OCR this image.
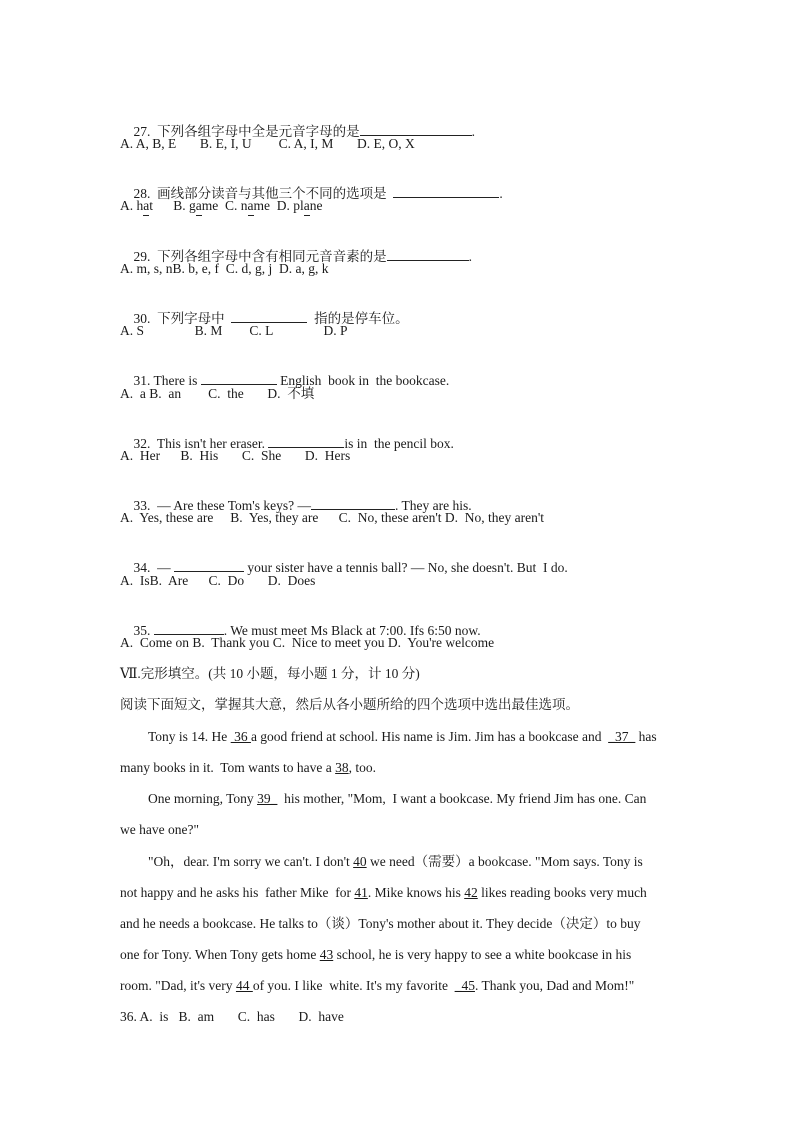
27.  下列各组字母中全是元音字母的是	.

A. A, B, E       B. E, I, U        C. A, I, M       D. E, O, X

28.  画线部分读音与其他三个不同的选项是	.

A. hat      B. game  C. name  D. plane

29.  下列各组字母中含有相同元音音素的是	.

A. m, s, nB. b, e, f  C. d, g, j  D. a, g, k

30.  下列字母中	指的是停车位。

A. S               B. M        C. L               D. P

31. There is	English  book in  the bookcase.

A.  a B.  an        C.  the       D.  不填

32.  This isn't her eraser.	is in  the pencil box.

A.  Her      B.  His       C.  She       D.  Hers

33.  — Are these Tom's keys? —	. They are his.

A.  Yes, these are     B.  Yes, they are      C.  No, these aren't D.  No, they aren't

34.  —	your sister have a tennis ball? — No, she doesn't. But  I do.

A.  IsB.  Are      C.  Do       D.  Does

35.	. We must meet Ms Black at 7:00. Ifs 6:50 now.

A.  Come on B.  Thank you C.  Nice to meet you D.  You're welcome
Ⅶ.完形填空。(共 10 小题，每小题 1 分，计 10 分)
阅读下面短文，掌握其大意，然后从各小题所给的四个选项中选出最佳选项。
Tony is 14. He  36 a good friend at school. His name is Jim. Jim has a bookcase and  _37_ has
many books in it.  Tom wants to have a 38, too.
One morning, Tony 39_  his mother, "Mom,  I want a bookcase. My friend Jim has one. Can
we have one?"
"Oh，dear. I'm sorry we can't. I don't 40 we need（需要）a bookcase. "Mom says. Tony is
not happy and he asks his  father Mike  for 41. Mike knows his 42 likes reading books very much
and he needs a bookcase. He talks to（谈）Tony's mother about it. They decide（决定）to buy
one for Tony. When Tony gets home 43 school, he is very happy to see a white bookcase in his
room. "Dad, it's very 44 of you. I like  white. It's my favorite  _45. Thank you, Dad and Mom!"
36. A.  is   B.  am       C.  has       D.  have
